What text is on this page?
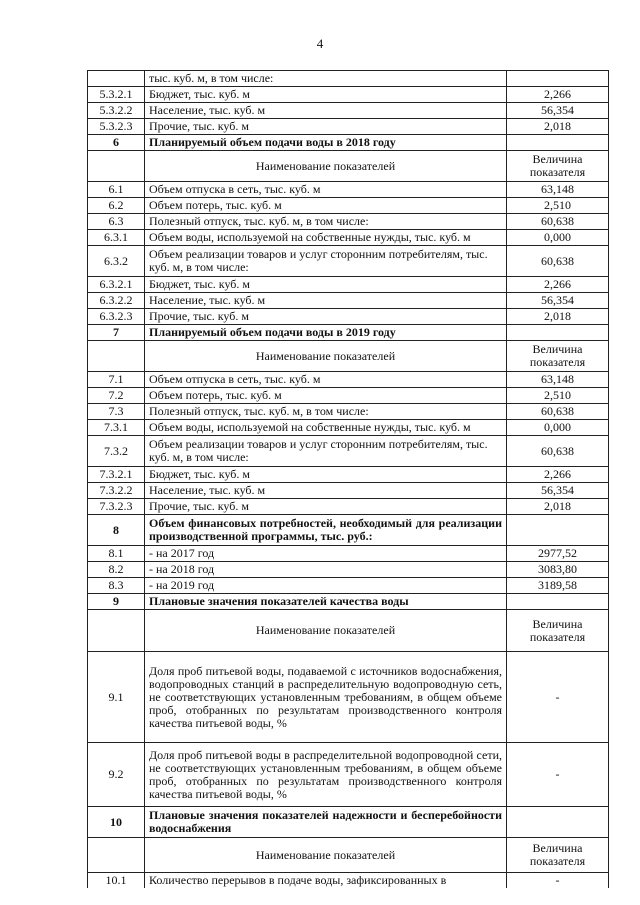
4
	тыс. куб. м, в том числе:	
5.3.2.1	Бюджет, тыс. куб. м	2,266
5.3.2.2	Население, тыс. куб. м	56,354
5.3.2.3	Прочие, тыс. куб. м	2,018
6	Планируемый объем подачи воды в 2018 году	
	Наименование показателей	Величина показателя
6.1	Объем отпуска в сеть, тыс. куб. м	63,148
6.2	Объем потерь, тыс. куб. м	2,510
6.3	Полезный отпуск, тыс. куб. м, в том числе:	60,638
6.3.1	Объем воды, используемой на собственные нужды, тыс. куб. м	0,000
6.3.2	Объем реализации товаров и услуг сторонним потребителям, тыс. куб. м, в том числе:	60,638
6.3.2.1	Бюджет, тыс. куб. м	2,266
6.3.2.2	Население, тыс. куб. м	56,354
6.3.2.3	Прочие, тыс. куб. м	2,018
7	Планируемый объем подачи воды в 2019 году	
	Наименование показателей	Величина показателя
7.1	Объем отпуска в сеть, тыс. куб. м	63,148
7.2	Объем потерь, тыс. куб. м	2,510
7.3	Полезный отпуск, тыс. куб. м, в том числе:	60,638
7.3.1	Объем воды, используемой на собственные нужды, тыс. куб. м	0,000
7.3.2	Объем реализации товаров и услуг сторонним потребителям, тыс. куб. м, в том числе:	60,638
7.3.2.1	Бюджет, тыс. куб. м	2,266
7.3.2.2	Население, тыс. куб. м	56,354
7.3.2.3	Прочие, тыс. куб. м	2,018
8	Объем финансовых потребностей, необходимый для реализации производственной программы, тыс. руб.:	
8.1	- на 2017 год	2977,52
8.2	- на 2018 год	3083,80
8.3	- на 2019 год	3189,58
9	Плановые значения показателей качества воды	
	Наименование показателей	Величина показателя
9.1	Доля проб питьевой воды, подаваемой с источников водоснабжения, водопроводных станций в распределительную водопроводную сеть, не соответствующих установленным требованиям, в общем объеме проб, отобранных по результатам производственного контроля качества питьевой воды, %	-
9.2	Доля проб питьевой воды в распределительной водопроводной сети, не соответствующих установленным требованиям, в общем объеме проб, отобранных по результатам производственного контроля качества питьевой воды, %	-
10	Плановые значения показателей надежности и бесперебойности водоснабжения	
	Наименование показателей	Величина показателя
10.1	Количество перерывов в подаче воды, зафиксированных в	-
